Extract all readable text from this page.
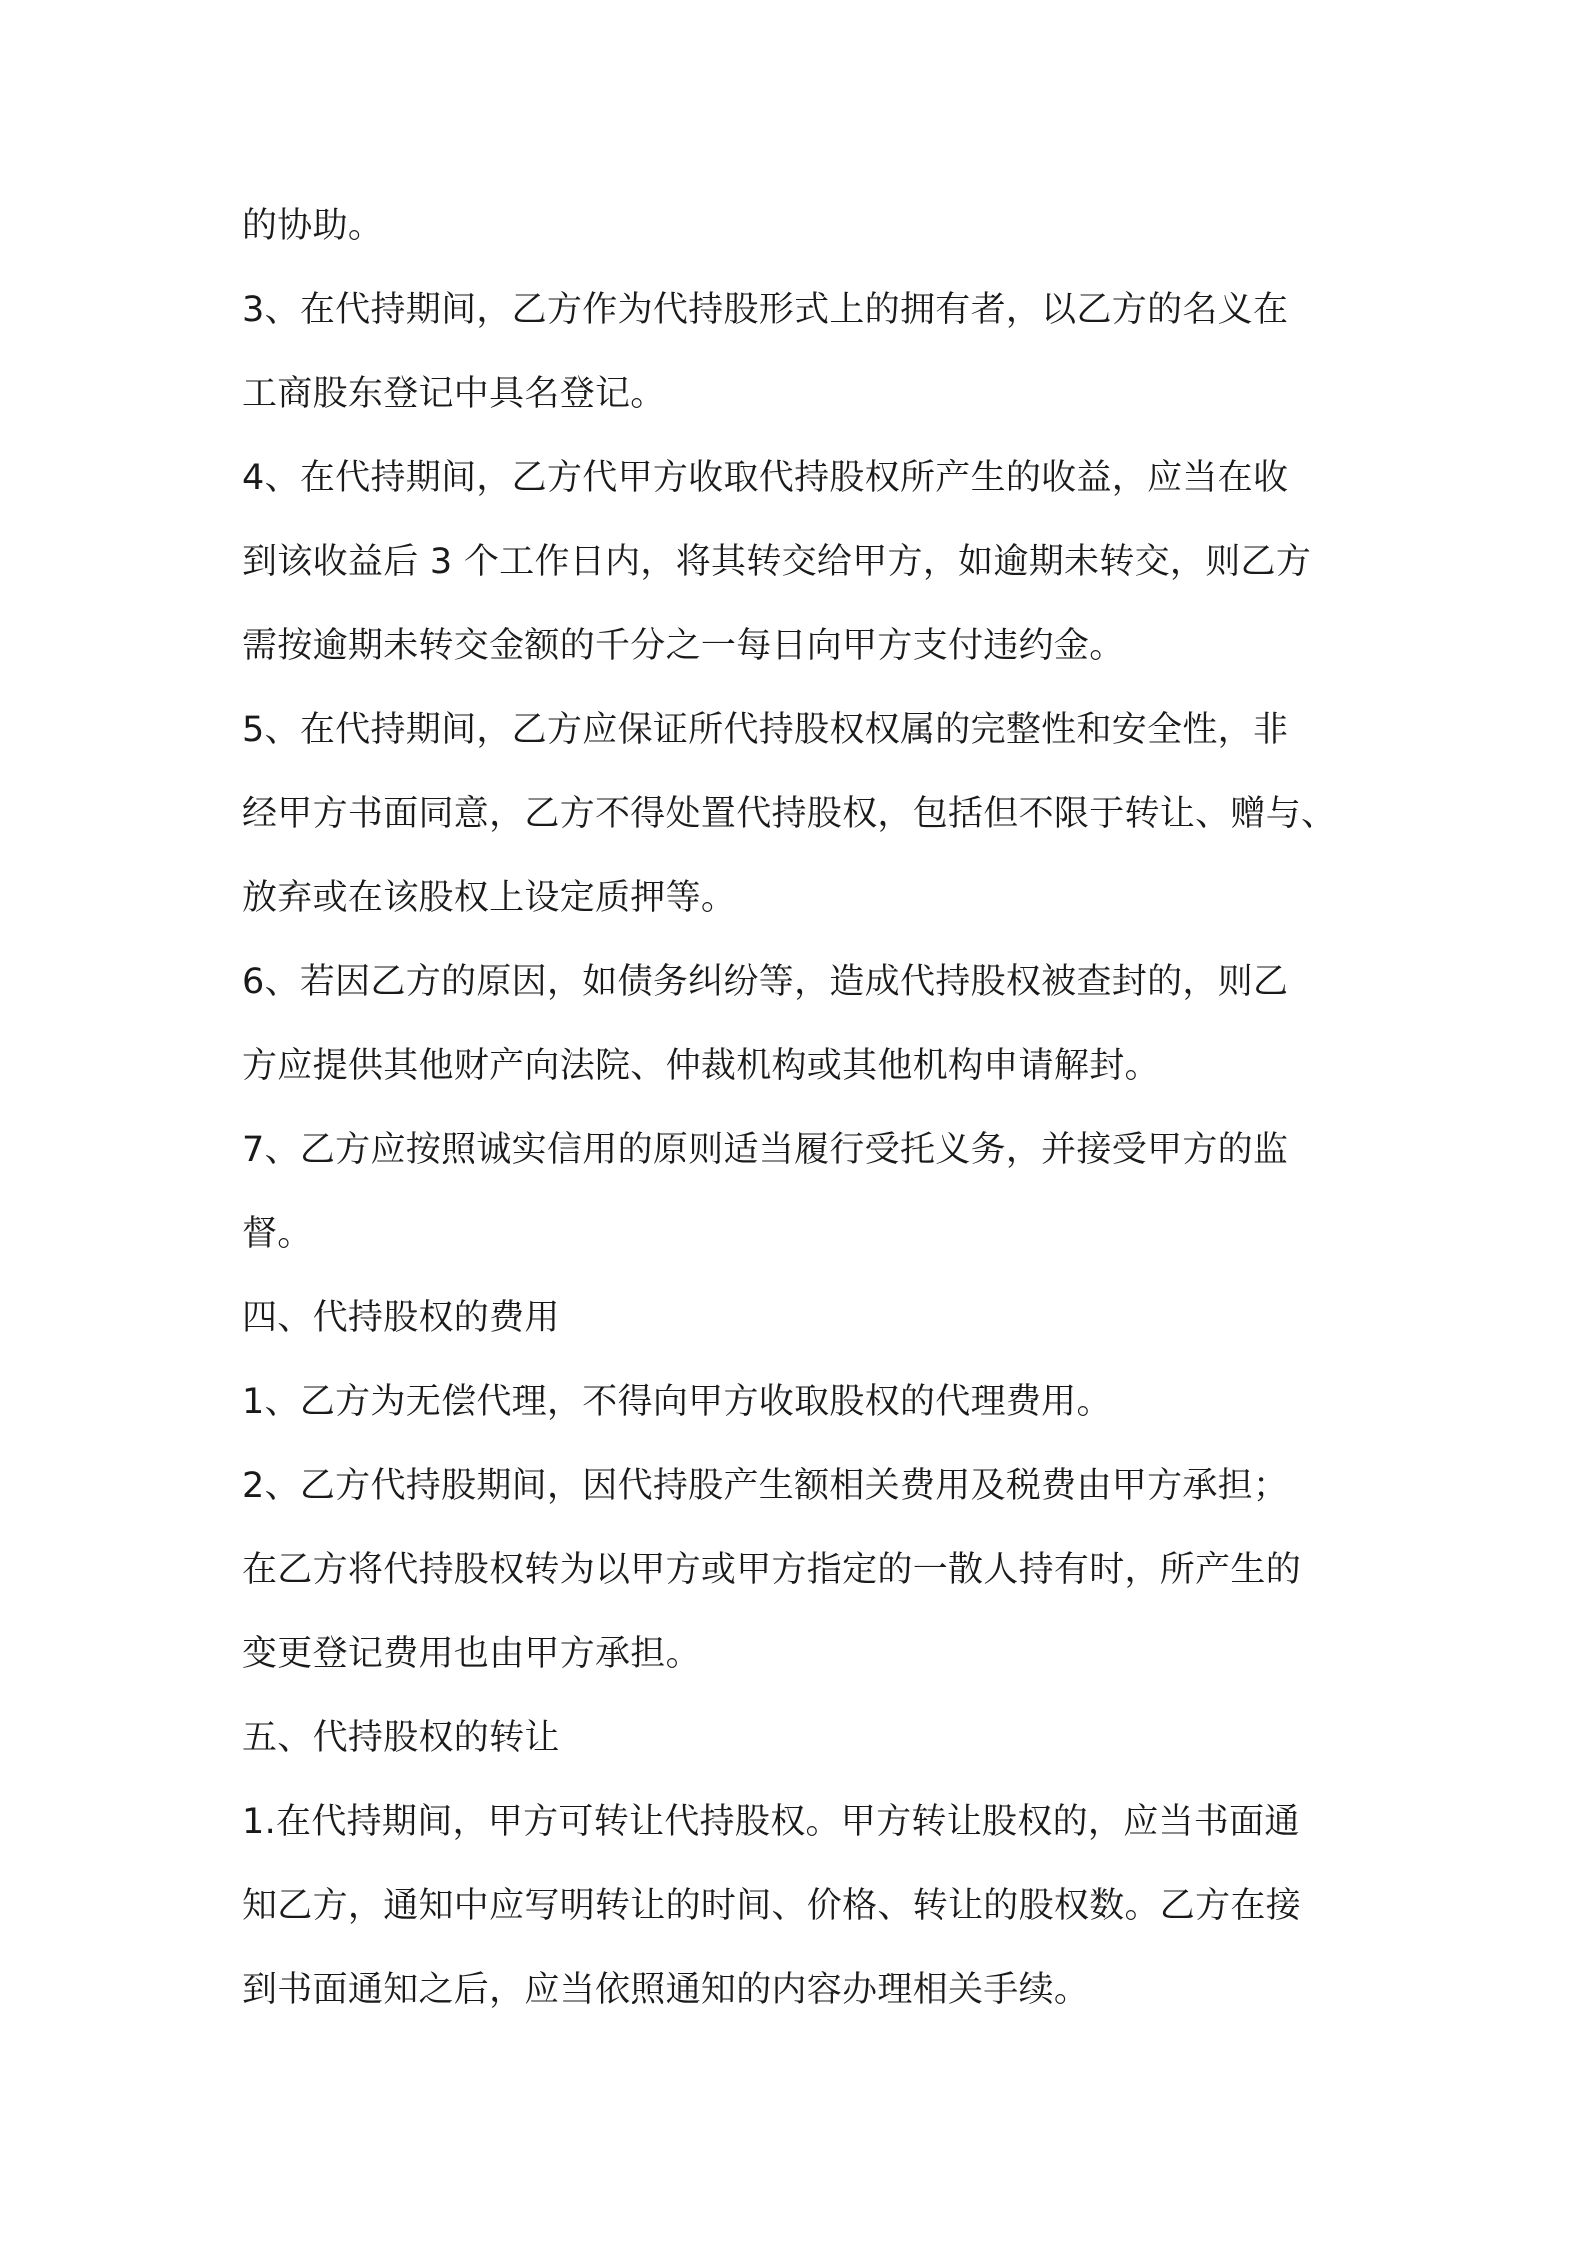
的协助。
3、在代持期间，乙方作为代持股形式上的拥有者，以乙方的名义在
工商股东登记中具名登记。
4、在代持期间，乙方代甲方收取代持股权所产生的收益，应当在收
到该收益后 3 个工作日内，将其转交给甲方，如逾期未转交，则乙方
需按逾期未转交金额的千分之一每日向甲方支付违约金。
5、在代持期间，乙方应保证所代持股权权属的完整性和安全性，非
经甲方书面同意，乙方不得处置代持股权，包括但不限于转让、赠与、
放弃或在该股权上设定质押等。
6、若因乙方的原因，如债务纠纷等，造成代持股权被查封的，则乙
方应提供其他财产向法院、仲裁机构或其他机构申请解封。
7、乙方应按照诚实信用的原则适当履行受托义务，并接受甲方的监
督。
四、代持股权的费用
1、乙方为无偿代理，不得向甲方收取股权的代理费用。
2、乙方代持股期间，因代持股产生额相关费用及税费由甲方承担；
在乙方将代持股权转为以甲方或甲方指定的一散人持有时，所产生的
变更登记费用也由甲方承担。
五、代持股权的转让
1.在代持期间，甲方可转让代持股权。甲方转让股权的，应当书面通
知乙方，通知中应写明转让的时间、价格、转让的股权数。乙方在接
到书面通知之后，应当依照通知的内容办理相关手续。
